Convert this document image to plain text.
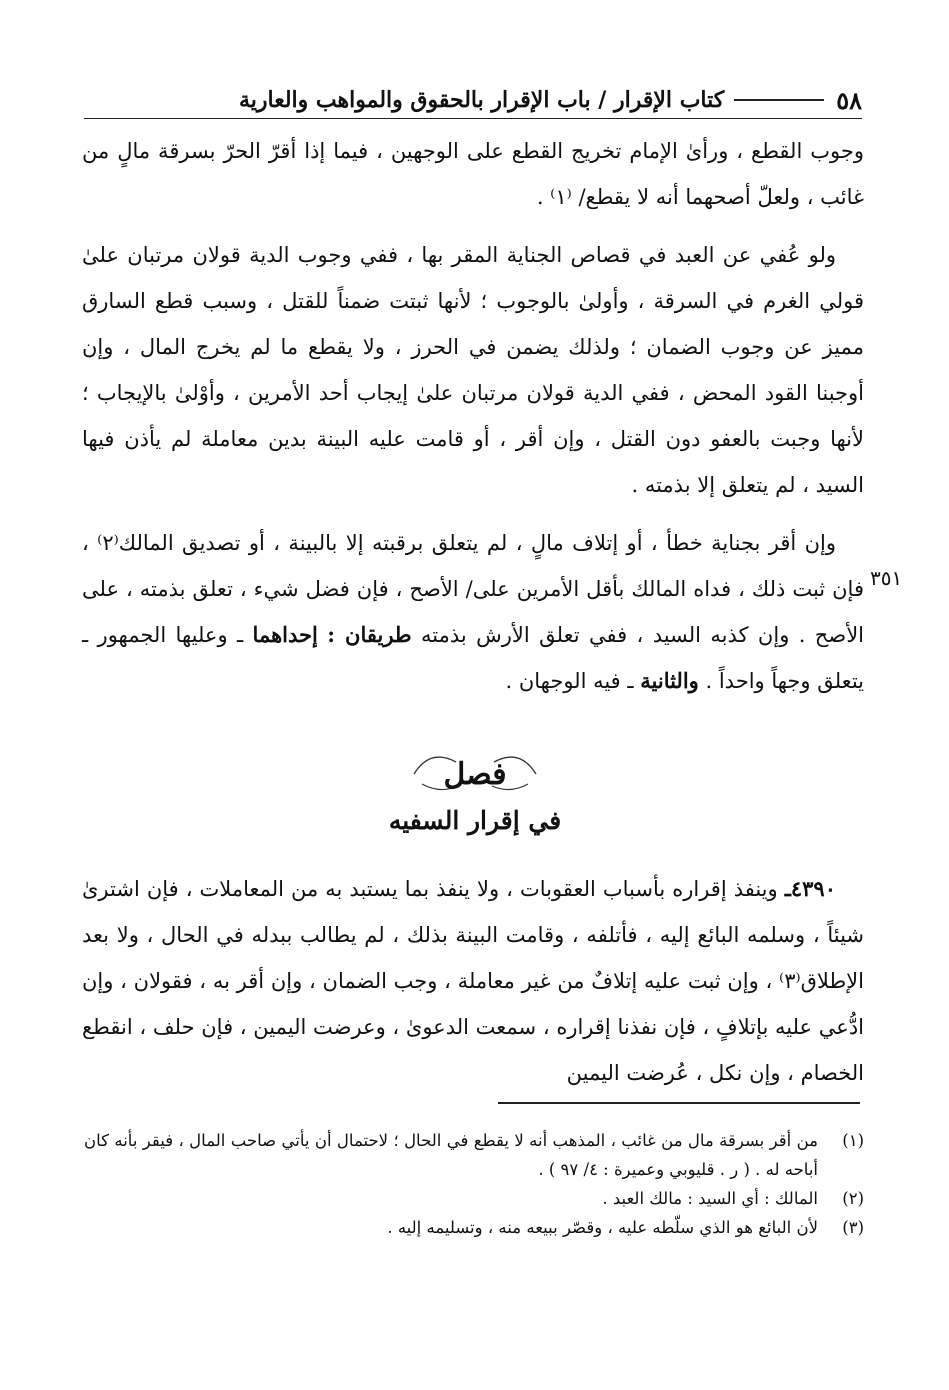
٥٨
كتاب الإقرار / باب الإقرار بالحقوق والمواهب والعارية

وجوب القطع ، ورأىٰ الإمام تخريج القطع على الوجهين ، فيما إذا أقرّ الحرّ بسرقة مالٍ من غائب ، ولعلّ أصحهما أنه لا يقطع/ ⁽١⁾ .

ولو عُفي عن العبد في قصاص الجناية المقر بها ، ففي وجوب الدية قولان مرتبان علىٰ قولي الغرم في السرقة ، وأولىٰ بالوجوب ؛ لأنها ثبتت ضمناً للقتل ، وسبب قطع السارق مميز عن وجوب الضمان ؛ ولذلك يضمن في الحرز ، ولا يقطع ما لم يخرج المال ، وإن أوجبنا القود المحض ، ففي الدية قولان مرتبان علىٰ إيجاب أحد الأمرين ، وأوْلىٰ بالإيجاب ؛ لأنها وجبت بالعفو دون القتل ، وإن أقر ، أو قامت عليه البينة بدين معاملة لم يأذن فيها السيد ، لم يتعلق إلا بذمته .

وإن أقر بجناية خطأ ، أو إتلاف مالٍ ، لم يتعلق برقبته إلا بالبينة ، أو تصديق المالك⁽٢⁾ ، فإن ثبت ذلك ، فداه المالك بأقل الأمرين على/ الأصح ، فإن فضل شيء ، تعلق بذمته ، على الأصح . وإن كذبه السيد ، ففي تعلق الأرش بذمته طريقان : إحداهما ـ وعليها الجمهور ـ يتعلق وجهاً واحداً . والثانية ـ فيه الوجهان .

٣٥١
فصل
في إقرار السفيه

٤٣٩٠ـ وينفذ إقراره بأسباب العقوبات ، ولا ينفذ بما يستبد به من المعاملات ، فإن اشترىٰ شيئاً ، وسلمه البائع إليه ، فأتلفه ، وقامت البينة بذلك ، لم يطالب ببدله في الحال ، ولا بعد الإطلاق⁽٣⁾ ، وإن ثبت عليه إتلافٌ من غير معاملة ، وجب الضمان ، وإن أقر به ، فقولان ، وإن ادُّعي عليه بإتلافٍ ، فإن نفذنا إقراره ، سمعت الدعوىٰ ، وعرضت اليمين ، فإن حلف ، انقطع الخصام ، وإن نكل ، عُرضت اليمين

(١)
من أقر بسرقة مال من غائب ، المذهب أنه لا يقطع في الحال ؛ لاحتمال أن يأتي صاحب المال ، فيقر بأنه كان أباحه له . ( ر . قليوبي وعميرة : ٤/ ٩٧ ) .
(٢)
المالك : أي السيد : مالك العبد .
(٣)
لأن البائع هو الذي سلّطه عليه ، وقصّر ببيعه منه ، وتسليمه إليه .
